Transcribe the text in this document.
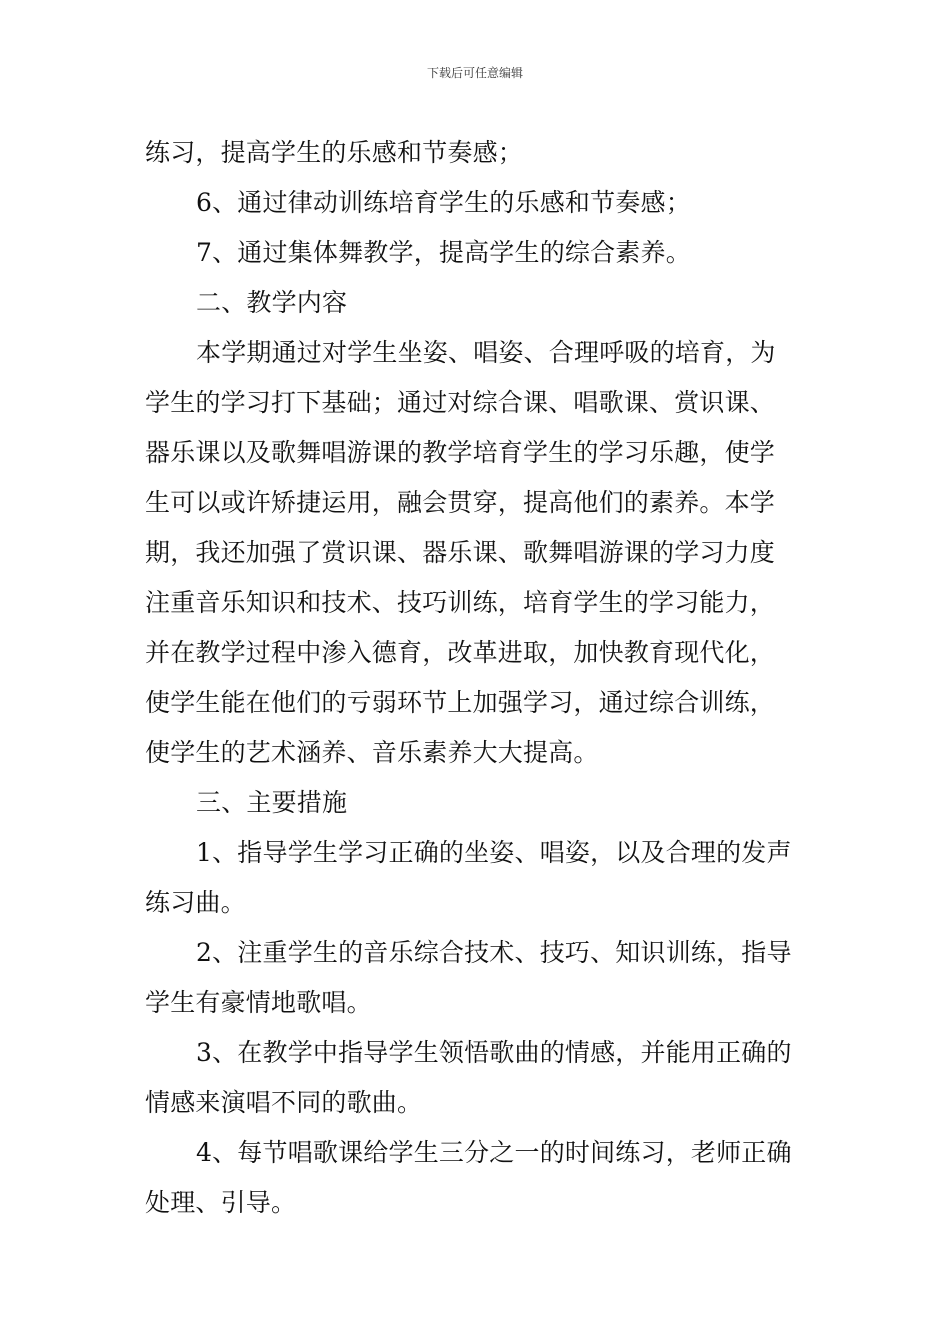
下载后可任意编辑
练习，提高学生的乐感和节奏感；
6、通过律动训练培育学生的乐感和节奏感；
7、通过集体舞教学，提高学生的综合素养。
二、教学内容
本学期通过对学生坐姿、唱姿、合理呼吸的培育，为
学生的学习打下基础；通过对综合课、唱歌课、赏识课、
器乐课以及歌舞唱游课的教学培育学生的学习乐趣，使学
生可以或许矫捷运用，融会贯穿，提高他们的素养。本学
期，我还加强了赏识课、器乐课、歌舞唱游课的学习力度
注重音乐知识和技术、技巧训练，培育学生的学习能力，
并在教学过程中渗入德育，改革进取，加快教育现代化，
使学生能在他们的亏弱环节上加强学习，通过综合训练，
使学生的艺术涵养、音乐素养大大提高。
三、主要措施
1、指导学生学习正确的坐姿、唱姿，以及合理的发声
练习曲。
2、注重学生的音乐综合技术、技巧、知识训练，指导
学生有豪情地歌唱。
3、在教学中指导学生领悟歌曲的情感，并能用正确的
情感来演唱不同的歌曲。
4、每节唱歌课给学生三分之一的时间练习，老师正确
处理、引导。
